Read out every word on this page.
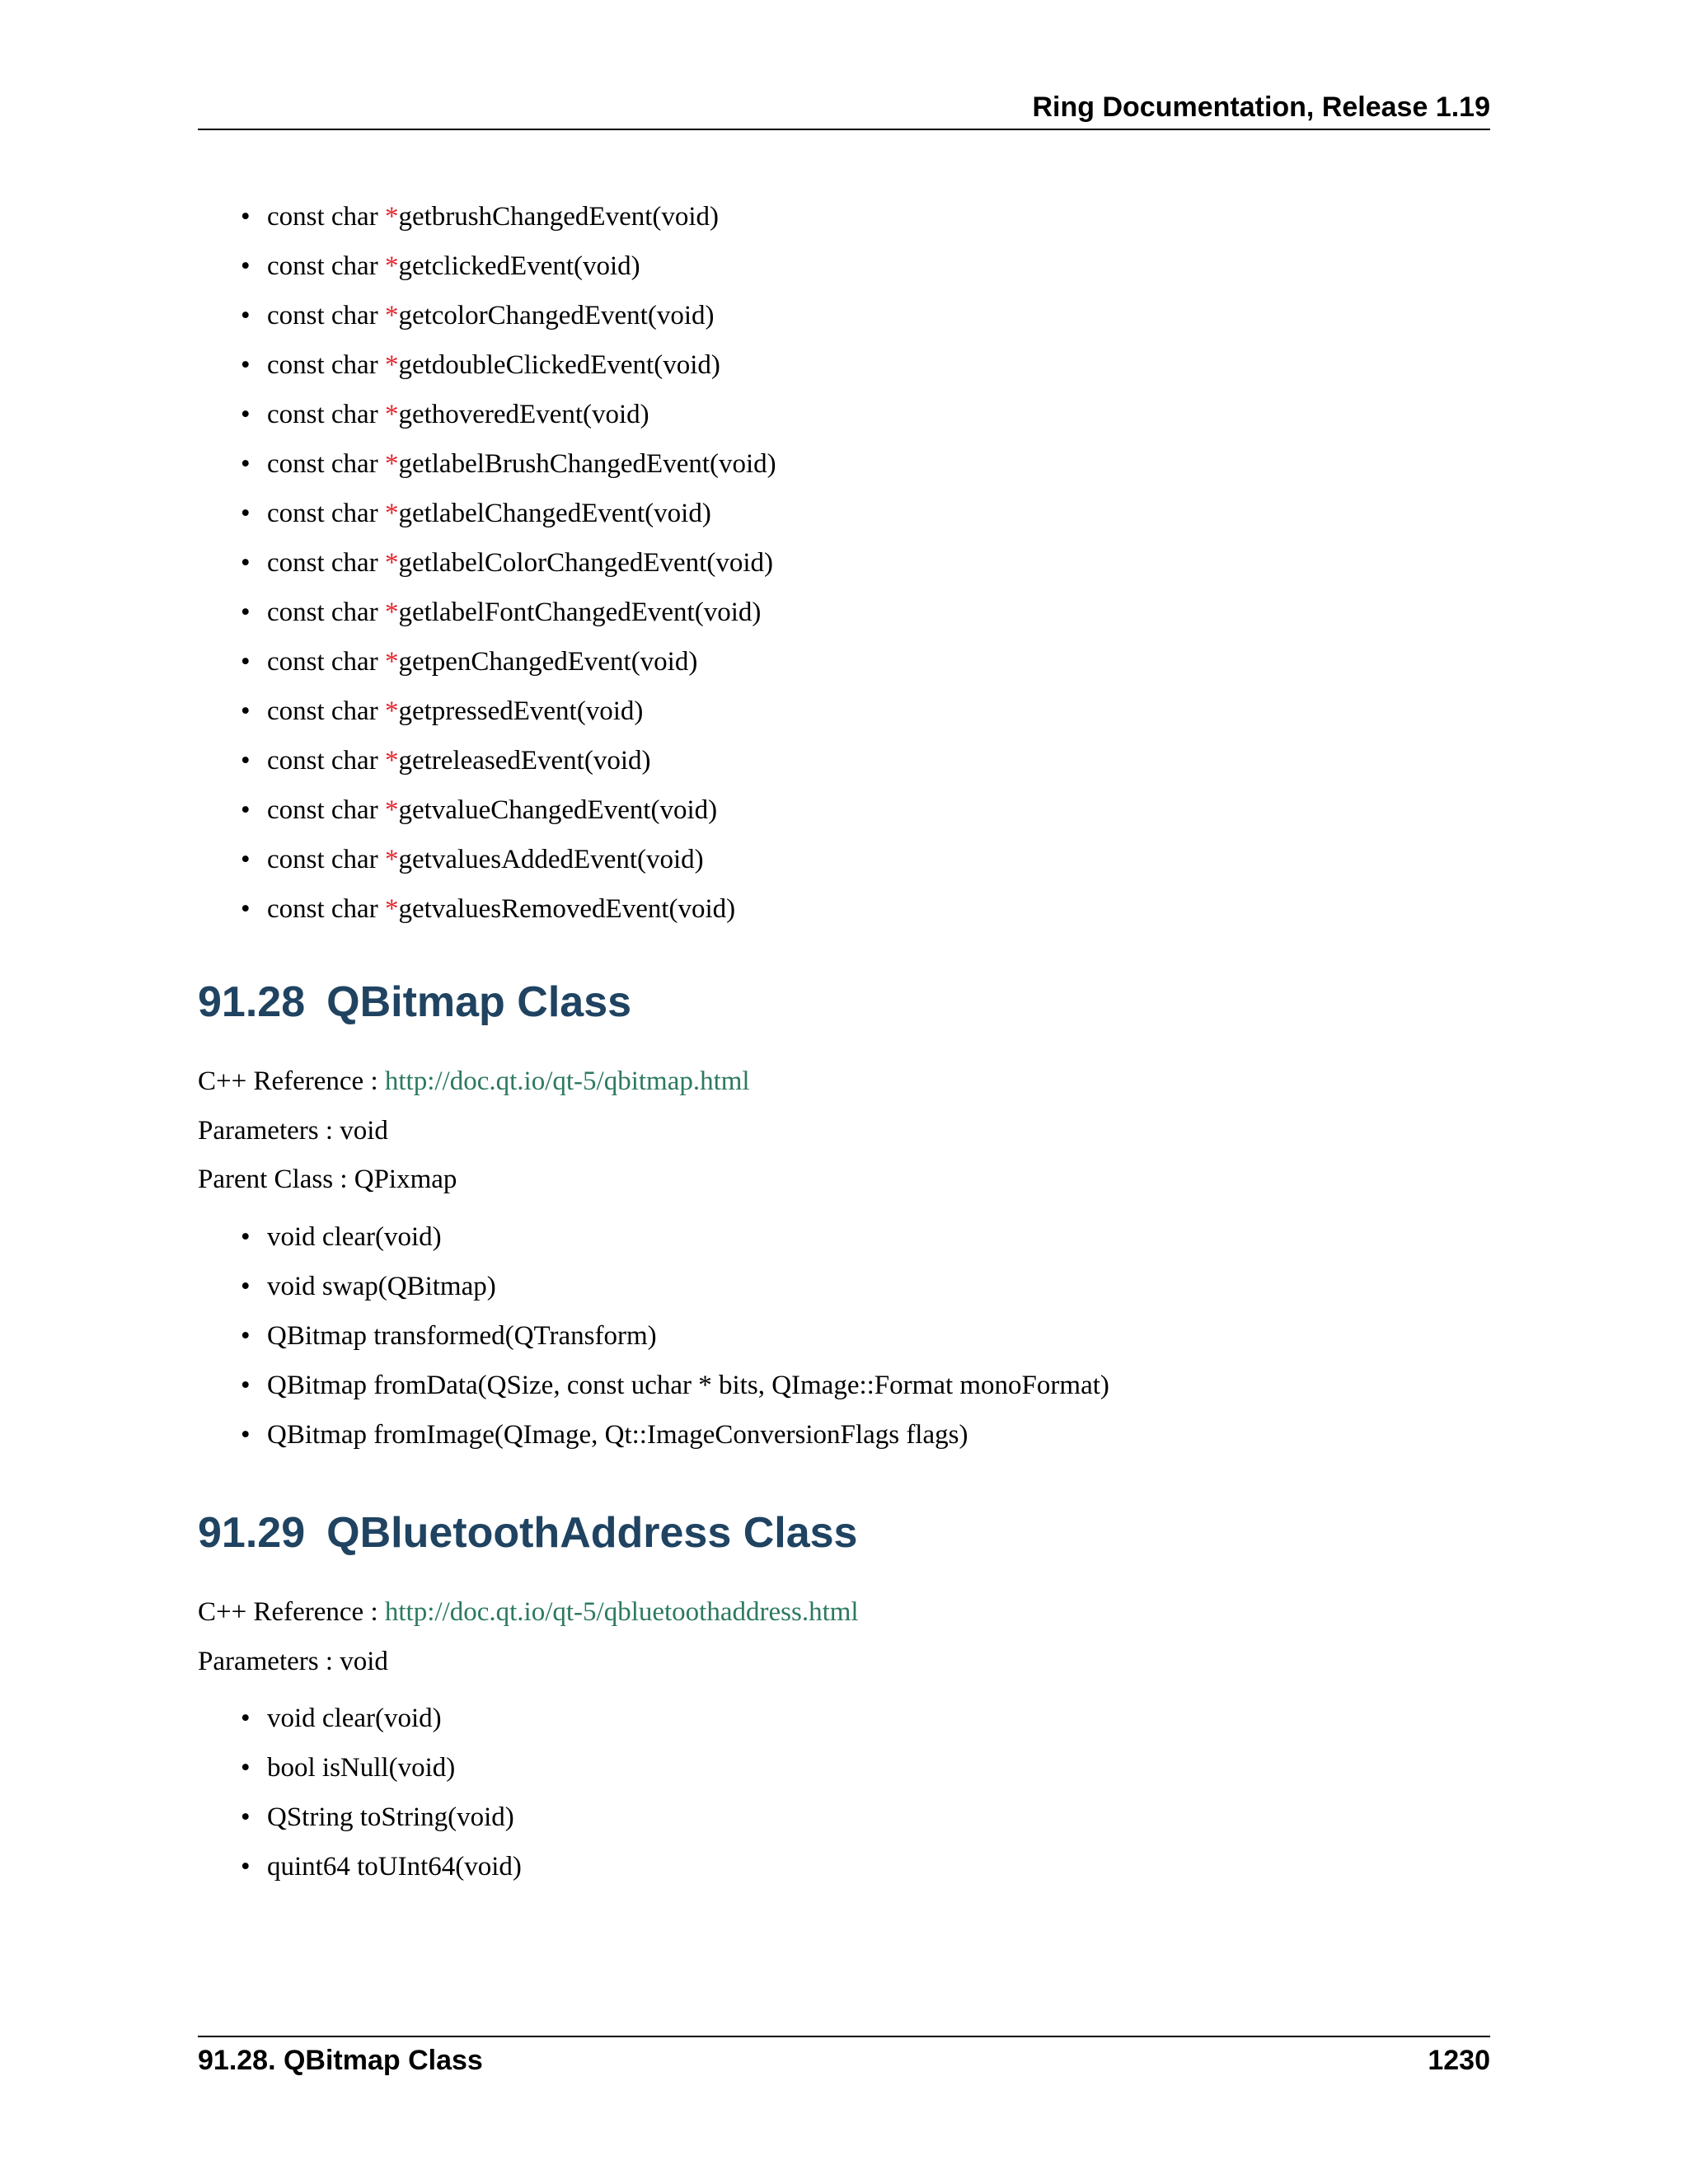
Ring Documentation, Release 1.19
• const char *getbrushChangedEvent(void)
• const char *getclickedEvent(void)
• const char *getcolorChangedEvent(void)
• const char *getdoubleClickedEvent(void)
• const char *gethoveredEvent(void)
• const char *getlabelBrushChangedEvent(void)
• const char *getlabelChangedEvent(void)
• const char *getlabelColorChangedEvent(void)
• const char *getlabelFontChangedEvent(void)
• const char *getpenChangedEvent(void)
• const char *getpressedEvent(void)
• const char *getreleasedEvent(void)
• const char *getvalueChangedEvent(void)
• const char *getvaluesAddedEvent(void)
• const char *getvaluesRemovedEvent(void)
91.28 QBitmap Class

C++ Reference : http://doc.qt.io/qt-5/qbitmap.html

Parameters : void

Parent Class : QPixmap

• void clear(void)
• void swap(QBitmap)
• QBitmap transformed(QTransform)
• QBitmap fromData(QSize, const uchar * bits, QImage::Format monoFormat)
• QBitmap fromImage(QImage, Qt::ImageConversionFlags flags)
91.29 QBluetoothAddress Class

C++ Reference : http://doc.qt.io/qt-5/qbluetoothaddress.html

Parameters : void

• void clear(void)
• bool isNull(void)
• QString toString(void)
• quint64 toUInt64(void)
91.28. QBitmap Class	1230
